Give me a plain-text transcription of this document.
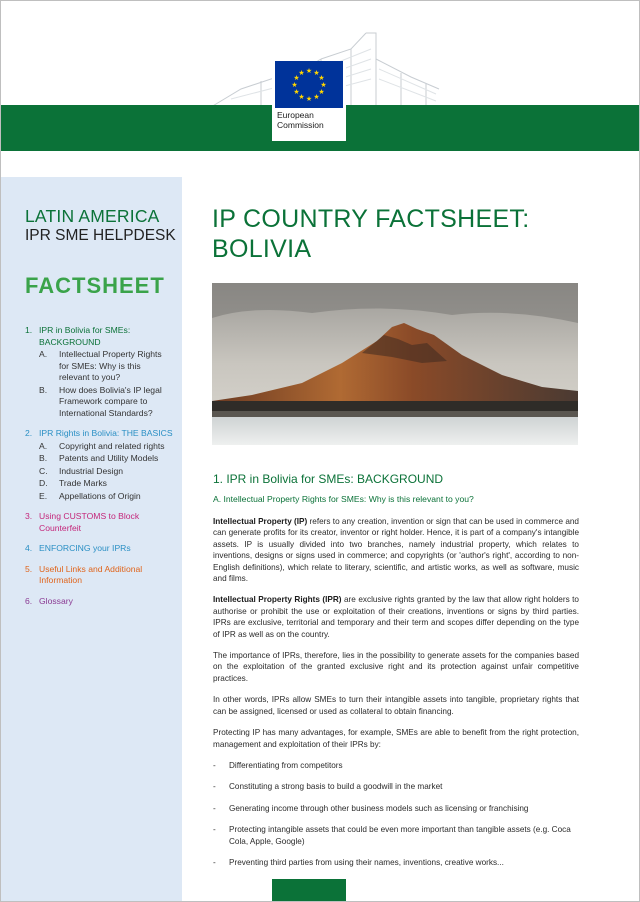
★ ★
★
★
★
★
★
★
★
★
★
★
European
Commission
LATIN AMERICA
IPR SME HELPDESK
FACTSHEET
1. IPR in Bolivia for SMEs: BACKGROUND
A. Intellectual Property Rights for SMEs: Why is this relevant to you?
B. How does Bolivia's IP legal Framework compare to International Standards?
2. IPR Rights in Bolivia: THE BASICS
A. Copyright and related rights
B. Patents and Utility Models
C. Industrial Design
D. Trade Marks
E. Appellations of Origin
3. Using CUSTOMS to Block Counterfeit
4. ENFORCING your IPRs
5. Useful Links and Additional Information
6. Glossary
IP COUNTRY FACTSHEET:
BOLIVIA
1. IPR in Bolivia for SMEs: BACKGROUND
A. Intellectual Property Rights for SMEs: Why is this relevant to you?

Intellectual Property (IP) refers to any creation, invention or sign that can be used in commerce and can generate profits for its creator, inventor or right holder. Hence, it is part of a company's intangible assets. IP is usually divided into two branches, namely industrial property, which relates to inventions, designs or signs used in commerce; and copyrights (or 'author's right', according to non-English definitions), which relate to literary, scientific, and artistic works, as well as software, music and films.

Intellectual Property Rights (IPR) are exclusive rights granted by the law that allow right holders to authorise or prohibit the use or exploitation of their creations, inventions or signs by third parties. IPRs are exclusive, territorial and temporary and their term and scopes differ depending on the type of IPR as well as on the country.

The importance of IPRs, therefore, lies in the possibility to generate assets for the companies based on the exploitation of the granted exclusive right and its protection against unfair competitive practices.

In other words, IPRs allow SMEs to turn their intangible assets into tangible, proprietary rights that can be assigned, licensed or used as collateral to obtain financing.

Protecting IP has many advantages, for example, SMEs are able to benefit from the right protection, management and exploitation of their IPRs by:

- Differentiating from competitors
- Constituting a strong basis to build a goodwill in the market
- Generating income through other business models such as licensing or franchising
- Protecting intangible assets that could be even more important than tangible assets (e.g. Coca Cola, Apple, Google)
- Preventing third parties from using their names, inventions, creative works...
